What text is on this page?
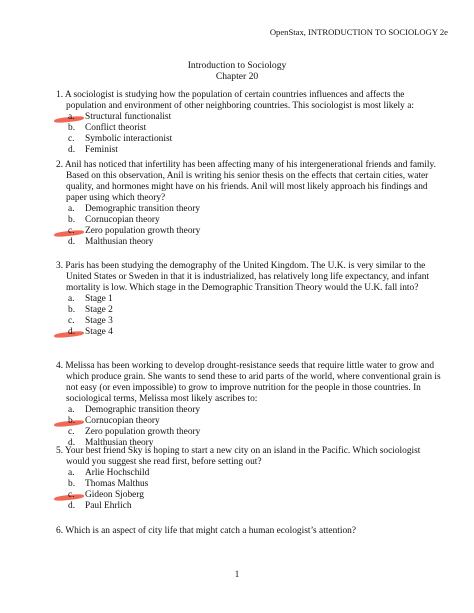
OpenStax, INTRODUCTION TO SOCIOLOGY 2e
Introduction to Sociology
Chapter 20
1. A sociologist is studying how the population of certain countries influences and affects the population and environment of other neighboring countries. This sociologist is most likely a:
a. Structural functionalist
b. Conflict theorist
c. Symbolic interactionist
d. Feminist
2. Anil has noticed that infertility has been affecting many of his intergenerational friends and family. Based on this observation, Anil is writing his senior thesis on the effects that certain cities, water quality, and hormones might have on his friends. Anil will most likely approach his findings and paper using which theory?
a. Demographic transition theory
b. Cornucopian theory
c. Zero population growth theory
d. Malthusian theory
3. Paris has been studying the demography of the United Kingdom. The U.K. is very similar to the United States or Sweden in that it is industrialized, has relatively long life expectancy, and infant mortality is low. Which stage in the Demographic Transition Theory would the U.K. fall into?
a. Stage 1
b. Stage 2
c. Stage 3
d. Stage 4
4. Melissa has been working to develop drought-resistance seeds that require little water to grow and which produce grain. She wants to send these to arid parts of the world, where conventional grain is not easy (or even impossible) to grow to improve nutrition for the people in those countries. In sociological terms, Melissa most likely ascribes to:
a. Demographic transition theory
b. Cornucopian theory
c. Zero population growth theory
d. Malthusian theory
5. Your best friend Sky is hoping to start a new city on an island in the Pacific. Which sociologist would you suggest she read first, before setting out?
a. Arlie Hochschild
b. Thomas Malthus
c. Gideon Sjoberg
d. Paul Ehrlich
6. Which is an aspect of city life that might catch a human ecologist’s attention?
1
